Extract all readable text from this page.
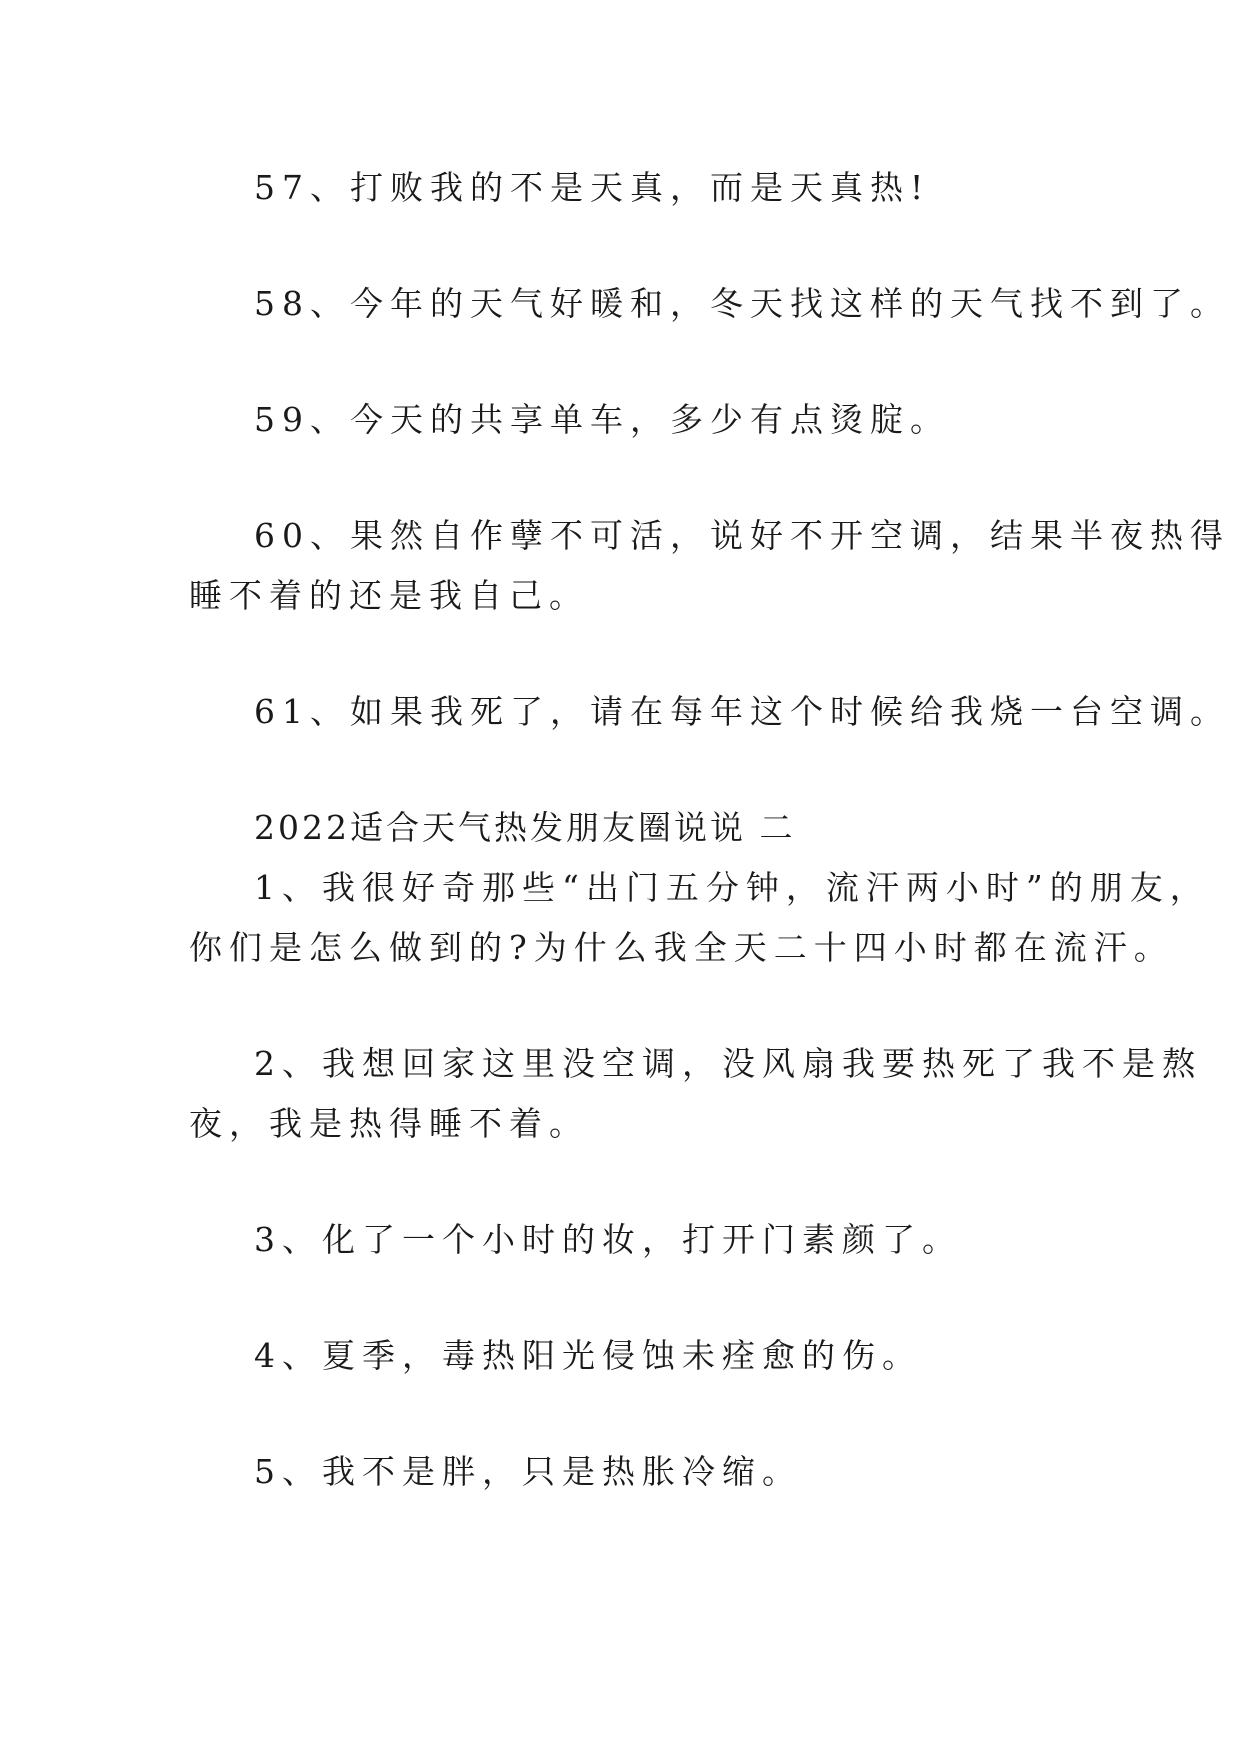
57、打败我的不是天真，而是天真热!

58、今年的天气好暖和，冬天找这样的天气找不到了。

59、今天的共享单车，多少有点烫腚。

60、果然自作孽不可活，说好不开空调，结果半夜热得

睡不着的还是我自己。

61、如果我死了，请在每年这个时候给我烧一台空调。

2022适合天气热发朋友圈说说 二

1、我很好奇那些“出门五分钟，流汗两小时”的朋友，

你们是怎么做到的?为什么我全天二十四小时都在流汗。

2、我想回家这里没空调，没风扇我要热死了我不是熬

夜，我是热得睡不着。

3、化了一个小时的妆，打开门素颜了。

4、夏季，毒热阳光侵蚀未痊愈的伤。

5、我不是胖，只是热胀冷缩。
